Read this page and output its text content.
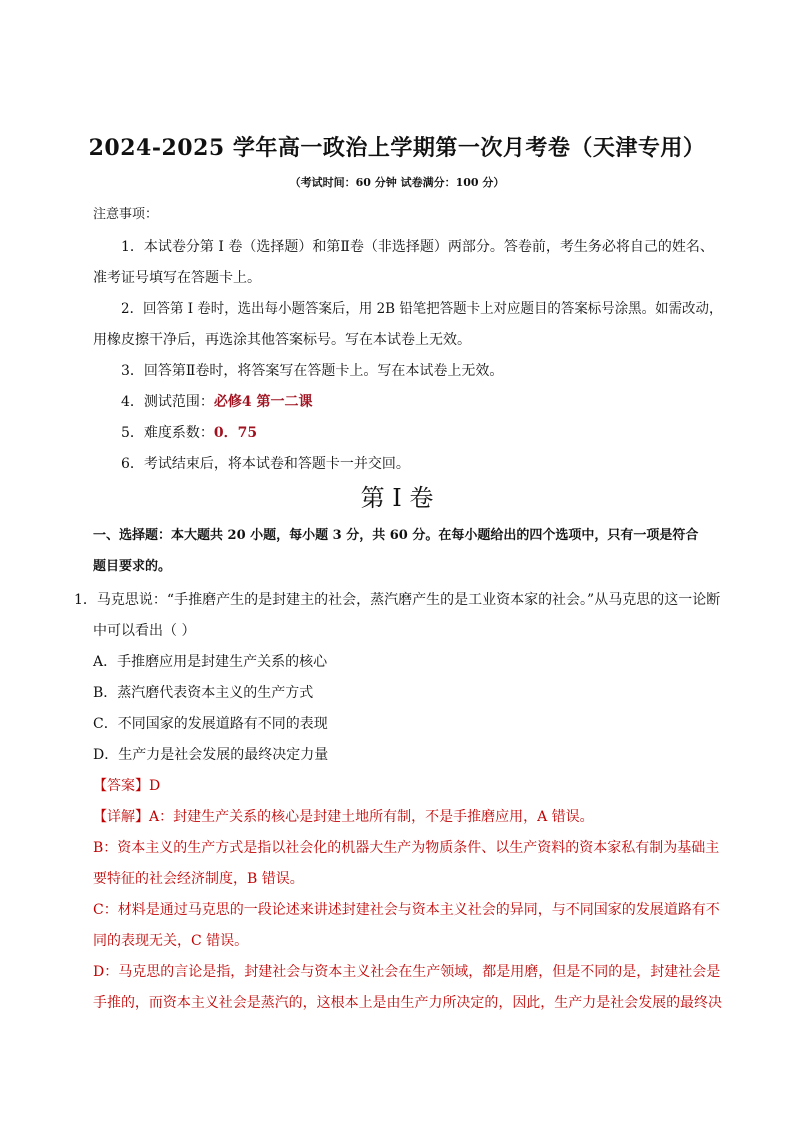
2024-2025 学年高一政治上学期第一次月考卷（天津专用）
（考试时间：60 分钟 试卷满分：100 分）
注意事项：
1．本试卷分第 I 卷（选择题）和第Ⅱ卷（非选择题）两部分。答卷前，考生务必将自己的姓名、
准考证号填写在答题卡上。
2．回答第 I 卷时，选出每小题答案后，用 2B 铅笔把答题卡上对应题目的答案标号涂黑。如需改动，
用橡皮擦干净后，再选涂其他答案标号。写在本试卷上无效。
3．回答第Ⅱ卷时，将答案写在答题卡上。写在本试卷上无效。
4．测试范围：必修4 第一二课
5．难度系数：0．75
6．考试结束后，将本试卷和答题卡一并交回。
第 I 卷
一、选择题：本大题共 20 小题，每小题 3 分，共 60 分。在每小题给出的四个选项中，只有一项是符合
题目要求的。
1．马克思说：“手推磨产生的是封建主的社会，蒸汽磨产生的是工业资本家的社会。”从马克思的这一论断
中可以看出（ ）
A．手推磨应用是封建生产关系的核心
B．蒸汽磨代表资本主义的生产方式
C．不同国家的发展道路有不同的表现
D．生产力是社会发展的最终决定力量
【答案】D
【详解】A：封建生产关系的核心是封建土地所有制，不是手推磨应用，A 错误。
B：资本主义的生产方式是指以社会化的机器大生产为物质条件、以生产资料的资本家私有制为基础主
要特征的社会经济制度，B 错误。
C：材料是通过马克思的一段论述来讲述封建社会与资本主义社会的异同，与不同国家的发展道路有不
同的表现无关，C 错误。
D：马克思的言论是指，封建社会与资本主义社会在生产领域，都是用磨，但是不同的是，封建社会是
手推的，而资本主义社会是蒸汽的，这根本上是由生产力所决定的，因此，生产力是社会发展的最终决
